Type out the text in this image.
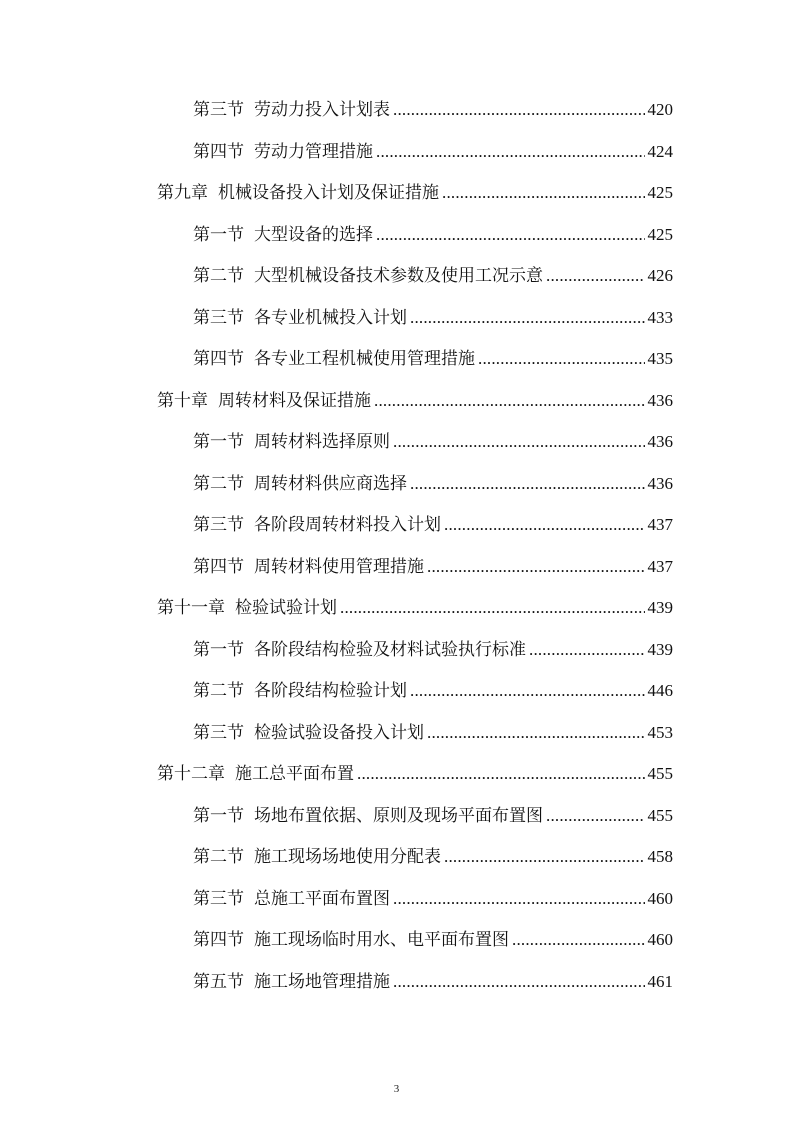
第三节 劳动力投入计划表 .....	420
第四节 劳动力管理措施 .....	424
第九章 机械设备投入计划及保证措施 .....	425
第一节 大型设备的选择 .....	425
第二节 大型机械设备技术参数及使用工况示意 .....	426
第三节 各专业机械投入计划 .....	433
第四节 各专业工程机械使用管理措施 .....	435
第十章 周转材料及保证措施 .....	436
第一节 周转材料选择原则 .....	436
第二节 周转材料供应商选择 .....	436
第三节 各阶段周转材料投入计划 .....	437
第四节 周转材料使用管理措施 .....	437
第十一章 检验试验计划 .....	439
第一节 各阶段结构检验及材料试验执行标准 .....	439
第二节 各阶段结构检验计划 .....	446
第三节 检验试验设备投入计划 .....	453
第十二章 施工总平面布置 .....	455
第一节 场地布置依据、原则及现场平面布置图 .....	455
第二节 施工现场场地使用分配表 .....	458
第三节 总施工平面布置图 .....	460
第四节 施工现场临时用水、电平面布置图 .....	460
第五节 施工场地管理措施 .....	461
3
